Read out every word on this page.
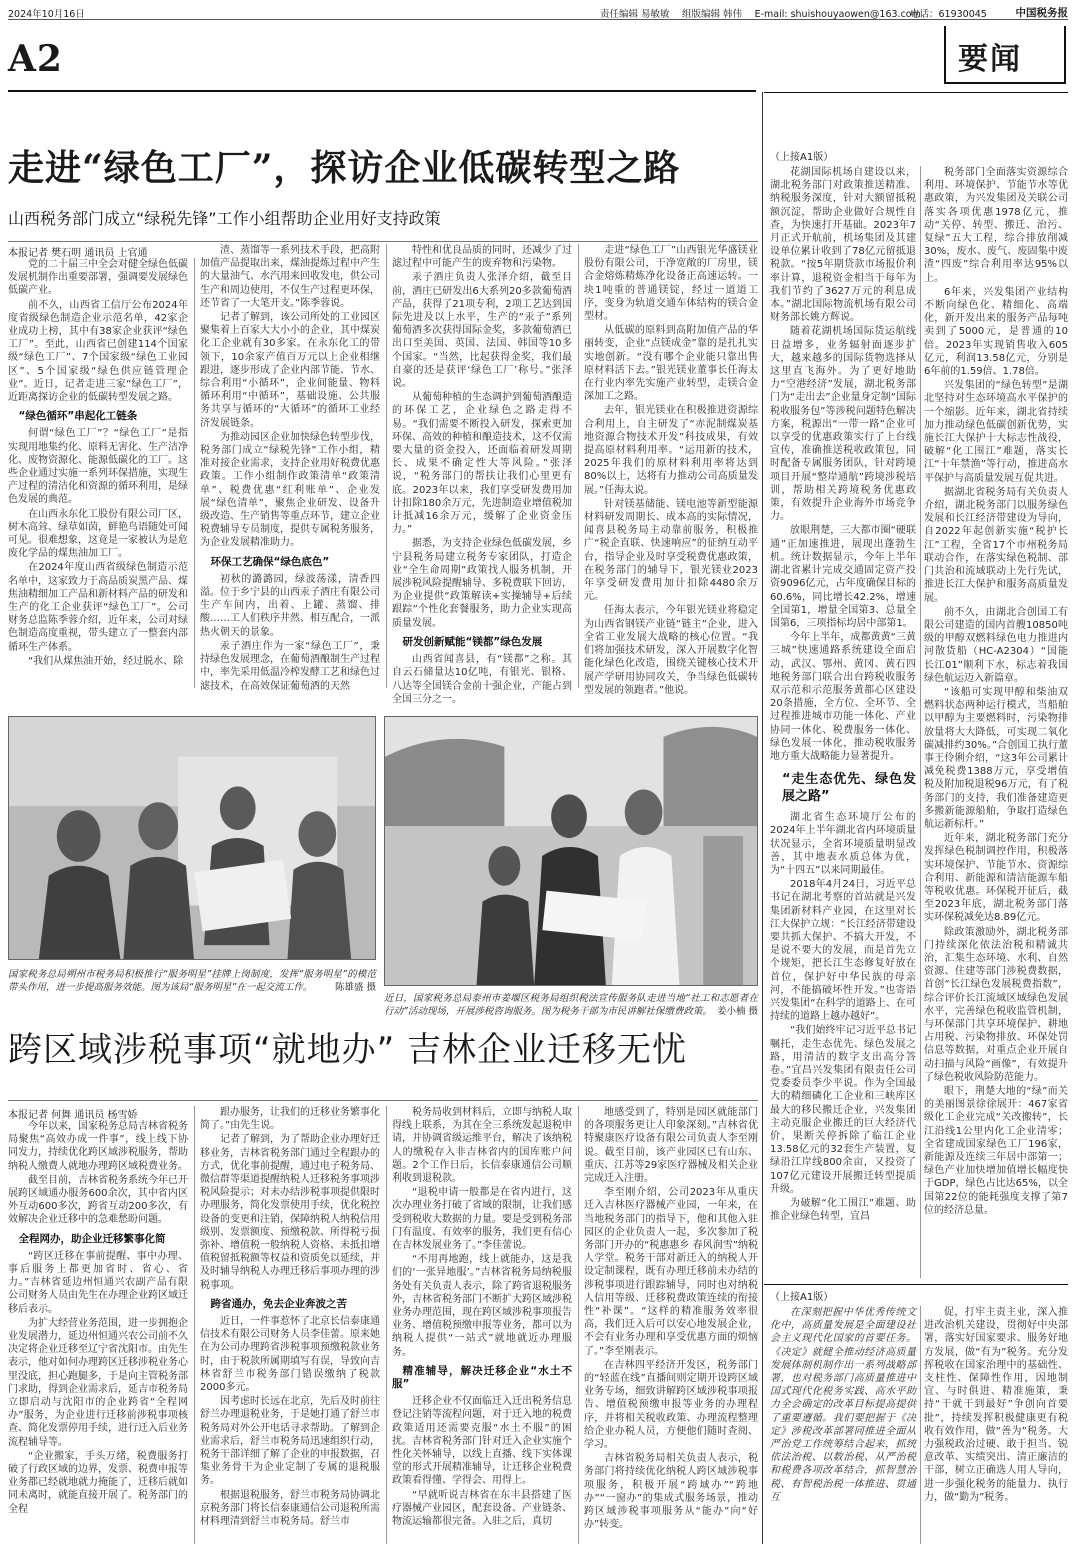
2024年10月16日	责任编辑 易敏敏 　组版编辑 韩伟 　E-mail: shuishouyaowen@163.com
电话：61930045	中国税务报
A2	要闻
走进“绿色工厂”，探访企业低碳转型之路
山西税务部门成立“绿税先锋”工作小组帮助企业用好支持政策
本报记者 樊石明 通讯员 上官通

党的二十届三中全会对健全绿色低碳发展机制作出重要部署，强调要发展绿色低碳产业。

前不久，山西省工信厅公布2024年度省级绿色制造企业示范名单，42家企业成功上榜，其中有38家企业获评“绿色工厂”。至此，山西省已创建114个国家级“绿色工厂”、7个国家级“绿色工业园区”、5个国家级“绿色供应链管理企业”。近日，记者走进三家“绿色工厂”，近距离探访企业的低碳转型发展之路。

“绿色循环”串起化工链条

何谓“绿色工厂”？“绿色工厂”是指实现用地集约化、原料无害化、生产洁净化、废物资源化、能源低碳化的工厂。这些企业通过实施一系列环保措施，实现生产过程的清洁化和资源的循环利用，是绿色发展的典范。

在山西永东化工股份有限公司厂区，树木高耸、绿草如茵，鲜艳鸟语随处可闻可见。很难想象，这竟是一家被认为是危废化学品的煤焦油加工厂。

在2024年度山西省级绿色制造示范名单中，这家致力于高品质炭黑产品、煤焦油精细加工产品和新材料产品的研发和生产的化工企业获评“绿色工厂”。公司财务总监陈季蓉介绍，近年来，公司对绿色制造高度重视，带头建立了一整套内部循环生产体系。

“我们从煤焦油开始，经过脱水、除

渣、蒸馏等一系列技术手段，把高附加值产品提取出来，煤油提炼过程中产生的大量油气、水汽用来回收发电，供公司生产和周边使用，不仅生产过程更环保，还节省了一大笔开支。”陈季蓉说。

记者了解到，该公司所处的工业园区聚集着上百家大大小小的企业，其中煤炭化工企业就有30多家。在永东化工的带领下，10余家产值百万元以上企业相继跟进，逐步形成了企业内部节能、节水、综合利用“小循环”，企业间能量、物料循环利用“中循环”，基础设施、公共服务共享与循环的“大循环”的循环工业经济发展链条。

为推动园区企业加快绿色转型步伐，税务部门成立“绿税先锋”工作小组，精准对接企业需求，支持企业用好税费优惠政策。工作小组制作政策清单“政策清单”、税费优惠“红利账单”、企业发展“绿色清单”，聚焦企业研发、设备升级改造、生产销售等重点环节，建立企业税费辅导专员制度，提供专属税务服务，为企业发展精准助力。

环保工艺确保“绿色底色”

初秋的潞潞园，绿波荡漾，清香四溢。位于乡宁县的山西汞子酒庄有限公司生产车间内，出着、上罐、蒸馏、排酸……工人们秩序井然、相互配合，一派热火朝天的景象。

汞子酒庄作为一家“绿色工厂”，秉持绿色发展理念，在葡萄酒酿制生产过程中，率先采用低温冷榨发酵工艺和绿色过滤技术，在高效保证葡萄酒的天然

特性和优良品质的同时，还减少了过滤过程中可能产生的废弃物和污染物。

汞子酒庄负责人张泽介绍，截至目前，酒庄已研发出6大系列20多款葡萄酒产品，获得了21项专利，2项工艺达到国际先进及以上水平，生产的“汞子”系列葡萄酒多次获得国际金奖，多款葡萄酒已出口至美国、英国、法国、韩国等10多个国家。“当然，比起获得金奖，我们最自豪的还是获评‘绿色工厂’称号。”张泽说。

从葡萄种植的生态调护到葡萄酒酿造的环保工艺，企业绿色之路走得不易。“我们需要不断投入研发，探索更加环保、高效的种植和酿造技术，这不仅需要大量的资金投入，还面临着研发周期长、成果不确定性大等风险。”张泽说，“税务部门的帮扶让我们心里更有底。2023年以来，我们享受研发费用加计扣除180余万元，先进制造业增值税加计抵减16余万元，缓解了企业资金压力。”

据悉，为支持企业绿色低碳发展，乡宁县税务局建立税务专家团队，打造企业“全生命周期”政策找人服务机制，开展涉税风险提醒辅导、多税费联下回访，为企业提供“政策解读+实操辅导+后续跟踪”个性化套餐服务，助力企业实现高质量发展。

研发创新赋能“镁都”绿色发展

山西省闻喜县，有“镁都”之称。其自云石储量达10亿吨，有银光、银格、八达等全国镁合金前十强企业，产能占到全国三分之一。

走进“绿色工厂”山西银光华盛镁业股份有限公司，干净宽敞的厂房里，镁合金熔炼精炼净化设备正高速运转。一块1吨重的普通镁锭，经过一道道工序，变身为轨道交通车体结构的镁合金型材。

从低碳的原料到高附加值产品的华丽转变，企业“点镁成金”靠的是扎扎实实地创新。“没有哪个企业能只靠出售原材料活下去。”银光镁业董事长任海太在行业内率先实施产业转型，走镁合金深加工之路。

去年，银光镁业在积极推进资源综合利用上，自主研发了“赤泥制煤炭基地资源合物技术开发”科技成果，有效提高原材料利用率。“运用新的技术，2025年我们的原材料利用率将达到80%以上，达将有力推动公司高质量发展。”任海太说。

针对镁基储能、镁电池等新型能源材料研发周期长、成本高的实际情况，闻喜县税务局主动靠前服务，积极推广“税企直联、快速响应”的征纳互动平台，指导企业及时享受税费优惠政策，在税务部门的辅导下，银光镁业2023年享受研发费用加计扣除4480余万元。

任海太表示，今年银光镁业将稳定为山西省钢镁产业链“链主”企业，进入全省工业发展大战略的核心位置。“我们将加强技术研发，深入开展数字化智能化绿色化改造，围绕关键核心技术开展产学研用协同攻关，争当绿色低碳转型发展的领跑者。”他说。

国家税务总局朔州市税务局积极推行“服务明星”挂牌上岗制度，发挥“服务明星”的模范带头作用，进一步提高服务效能。图为该局“服务明星”在一起交流工作。 陈雄盛 摄
近日，国家税务总局泰州市姜堰区税务局组织税法宣传服务队走进当地“社工和志愿者在行动”活动现场，开展涉税咨询服务。图为税务干部为市民讲解社保缴费政策。 姜小楠 摄
跨区域涉税事项“就地办” 吉林企业迁移无忧
本报记者 何舞 通讯员 杨雪娇

今年以来，国家税务总局吉林省税务局聚焦“高效办成一件事”，线上线下协同发力，持续优化跨区域涉税服务，帮助纳税人缴费人就地办理跨区域税费业务。

截至目前，吉林省税务系统今年已开展跨区域通办服务600余次，其中省内区外互动600多次，跨省互动200多次，有效解决企业迁移中的急难愁盼问题。

全程网办，助企业迁移繁事化简

“跨区迁移在事前提醒、事中办理、事后服务上都更加省时、省心、省力。”吉林省延边州恒通兴农副产品有限公司财务人员由先生在办理企业跨区域迁移后表示。

为扩大经营业务范围，进一步拥抱企业发展潜力，延边州恒通兴农公司前不久决定将企业迁移至辽宁省沈阳市。由先生表示，他对如何办理跨区迁移涉税业务心里没底，担心跑腿多，于是向主管税务部门求助，得到企业需求后，延吉市税务局立即启动与沈阳市的企业跨省“全程网办”服务，为企业进行迁移前涉税事项核查、简化发票停用手续，进行迁入后业务流程辅导等。

“企业搬家，手头万绪，税费服务打破了行政区域的边界，发票、税费申报等业务都已经就地就力掩能了，迁移后就如同未离时，就能直接开展了。税务部门的全程

跟办服务，让我们的迁移业务繁事化简了。”由先生说。

记者了解到，为了帮助企业办理好迁移业务，吉林省税务部门通过全程跟办的方式，优化事前提醒，通过电子税务局、微信群等渠道提醒纳税人迁移税务事项涉税风险提示；对未办结涉税事项提供限时办理服务，简化发票使用手续，优化税控设备的变更和注销，保障纳税人纳税信用级别、发票额度、预缴税款、所得税亏损弥补、增值税一般纳税人资格、未抵扣增值税留抵税额等权益和资质免以延续，并及时辅导纳税人办理迁移后事项办理的涉税事项。

跨省通办，免去企业奔波之苦

近日，一件事惹怀了北京长信泰康通信技术有限公司财务人员李佳蕾。原来她在为公司办理跨省涉税事项预缴税款业务时，由于税款所属期填写有误，导致向吉林省舒兰市税务部门错误缴纳了税款2000多元。

因考虑时长远在北京，先后及时前往舒兰办理退税业务，于是她打通了舒兰市税务局对外公开电话寻求帮助。了解到企业需求后，舒兰市税务局迅速组织行动，税务干部详细了解了企业的申报数据，召集业务骨干为企业定制了专属的退税服务。

根据退税服务，舒兰市税务局协调北京税务部门将长信泰康通信公司退税所需材料理清到舒兰市税务局。舒兰市

税务局收到材料后，立即与纳税人取得线上联系，为其在全三系统发起退税申请，并协调省级运维平台，解决了该纳税人的缴税存入非吉林省内的国库账户问题。2个工作日后，长信泰康通信公司顺利收到退税款。

“退税申请一般都是在省内进行，这次办理业务打破了省域的限制，让我们感受到税收大数据的力量。要是受到税务部门有温度、有效率的服务，我们更有信心在吉林发展业务了。”李佳蕾说。

“不用再地跑，线上就能办，这是我们的‘一张异地服’。”吉林省税务局纳税服务处有关负责人表示，除了跨省退税服务外，吉林省税务部门不断扩大跨区域涉税业务办理范围，现在跨区域涉税事项报告业务、增值税预缴申报等业务，都可以为纳税人提供“一站式”就地就近办理服务。

精准辅导，解决迁移企业“水土不服”

迁移企业不仅面临迁入迁出税务信息登记注销等流程问题，对于迁入地的税费政策适用还需要克服“水土不服”的困扰。吉林省税务部门针对迁入企业实施个性化关怀辅导，以线上直播、线下实体课堂的形式开展精准辅导，让迁移企业税费政策看得懂、学得会、用得上。

“早就听说吉林省在东丰县搭建了医疗器械产业园区，配套设备、产业链条、物流运输都很完备。入驻之后，真切

地感受到了，特别是园区就能部门的各项服务更让人印象深刻。”吉林省优特聚康医疗设备有限公司负责人李至刚说。截至目前，该产业园区已有山东、重庆、江苏等29家医疗器械及相关企业完成迁入注册。

李至刚介绍，公司2023年从重庆迁入吉林医疗器械产业园，一年来，在当地税务部门的指导下，他和其他入驻园区的企业负责人一起，多次参加了税务部门开办的“税惠惠乡 春风润雪”纳税人学堂。税务干部对新迁入的纳税人开设定制课程，既有办理迁移前未办结的涉税事项进行跟踪辅导，同时也对纳税人信用等级、迁移税费政策连续的衔接性“补课”。“这样的精准服务效率很高，我们迁入后可以安心地发展企业，不会有业务办理和享受优惠方面的烦恼了。”李至刚表示。

在吉林四平经济开发区，税务部门的“轻蓝在线”直播间则定期开设跨区域业务专场，细致讲解跨区域涉税事项报告、增值税预缴申报等业务的办理程序，并将相关税收政策、办理流程整理给企业办税人员，方便他们随时查阅、学习。

吉林省税务局相关负责人表示，税务部门将持续优化纳税人跨区域涉税事项服务，积极开展“跨域办”“跨地办”“一窗办”的集成式服务场景，推动跨区域涉税事项服务从“能办”向“好办”转变。

（上接A1版）

花湖国际机场自建设以来，湖北税务部门对政策推送精准、纳税服务深度，针对大额留抵税额沉淀，帮助企业做好合规性自查，为快速打开基础。2023年7月正式开航前，机场集团及其建设单位累计收到了78亿元留抵退税款。“按5年期贷款市场报价利率计算，退税资金相当于每年为我们节约了3627万元的利息成本。”湖北国际物流机场有限公司财务部长姚方辉说。

随着花湖机场国际货运航线日益增多，业务辐射面逐步扩大，越来越多的国际货物选择从这里直飞海外。为了更好地助力“空港经济”发展，湖北税务部门为“走出去”企业量身定制“国际税收服务包”等涉税问题特色解决方案，税源出“一带一路”企业可以享受的优惠政策实行了上台线宣传，准确推送税收政策包，同时配备专属服务团队，针对跨境项目开展“整岸通航”跨境涉税培训，帮助相关跨境税务优惠政策，有效提升企业海外市场竞争力。

放眼荆楚，三大都市圈“硬联通”正加速推进，展现出蓬勃生机。统计数据显示，今年上半年湖北省累计完成交通固定资产投资9096亿元，占年度确保目标的60.6%，同比增长42.2%，增速全国第1，增量全国第3、总量全国第6，三项指标均居中部第1。

今年上半年，成都黄黄“三黄三城”快速通路系统建设全面启动，武汉、鄂州、黄冈、黄石四地税务部门联合出台跨税收服务双示范和示范服务黄都心区建设20条措施，全方位、全环节、全过程推进城市功能一体化、产业协同一体化、税费服务一体化、绿色发展一体化，推动税收服务地方重大战略能力显著提升。

“走生态优先、绿色发展之路”

湖北省生态环境厅公布的2024年上半年湖北省内环境质量状况显示，全省环境质量明显改善，其中地表水质总体为优，为“十四五”以来同期最佳。

2018年4月24日，习近平总书记在湖北考察的首站就是兴发集团新材料产业园，在这里对长江大保护立规：“长江经济带建设要共抓大保护、不搞大开发，不是说不要大的发展，而是首先立个规矩，把长江生态修复好放在首位，保护好中华民族的母亲河，不能搞破坏性开发。”也寄语兴发集团“在科学的道路上、在可持续的道路上越办越好”。

“我们始终牢记习近平总书记嘱托，走生态优先、绿色发展之路，用清洁的数字支出高分答卷。”宜昌兴发集团有限责任公司党委委员李少平说。作为全国最大的精细磷化工企业和三峡库区最大的移民搬迁企业，兴发集团主动克服企业搬迁的巨大经济代价，果断关停拆除了临江企业13.58亿元的32套生产装置，复绿沿江岸线800余亩，又投资了107亿元建设开展搬迁转型提质升级。

为破解“化工围江”难题、助推企业绿色转型，宜昌

税务部门全面落实资源综合利用、环境保护、节能节水等优惠政策，为兴发集团及关联公司落实各项优惠1978亿元，推动“关停、转型、搬迁、治污、复绿”五大工程，综合排放削减30%，废水、废气、废固集中废渣“四废”综合利用率达95%以上。

6年来，兴发集团产业结构不断向绿色化、精细化、高端化，新开发出来的服务产品每吨卖到了5000元，是普通的10倍。2023年实现销售收入605亿元，利润13.58亿元，分别是6年前的1.59倍、1.78倍。

兴发集团的“绿色转型”是湖北坚持对生态环境高水平保护的一个缩影。近年来，湖北省持续加力推动绿色低碳创新优势，实施长江大保护十大标志性战役，破解“化工围江”难题，落实长江“十年禁渔”等行动，推进高水平保护与高质量发展互促共进。

据湖北省税务局有关负责人介绍，湖北税务部门以服务绿色发展和长江经济带建设为导向，自2022年起创新实施“税护长江”工程，全省17个市州税务局联动合作，在落实绿色税制、部门共治和流域联动上先行先试，推进长江大保护和服务高质量发展。

前不久，由湖北合创国工有限公司建造的国内首艘10850吨级的甲醇双燃料绿色电力推进内河散货船（HC-A2304）“国能长江01”顺利下水，标志着我国绿色航运迈入新篇章。

“该船可实现甲醇和柴油双燃料状态两种运行模式，当船舶以甲醇为主要燃料时，污染物排放量将大大降低，可实现二氧化碳减排约30%。”合创国工执行董事王伶俐介绍，“这3年公司累计减免税费1388万元，享受增值税及附加税退税96万元，有了税务部门的支持，我们准备建造更多搬新能源船舶，争取打造绿色航运新标杆。”

近年来，湖北税务部门充分发挥绿色税制调控作用，积极落实环境保护、节能节水、资源综合利用、新能源和清洁能源车船等税收优惠。环保税开征后，截至2023年底，湖北税务部门落实环保税减免达8.89亿元。

除政策激励外，湖北税务部门持续深化依法治税和精诚共治，汇集生态环境、水利、自然资源、住建等部门涉税费数据，首创“长江绿色发展税费指数”，综合评价长江流域区域绿色发展水平，完善绿色税收监管机制，与环保部门共享环境保护、耕地占用税、污染物排放、环保处罚信息等数据，对重点企业开展自动扫描与风险“画像”，有效提升了绿色税收风险防范能力。

眼下，荆楚大地的“绿”而关的美丽图景徐徐展开：467家省级化工企业完成“关改搬转”，长江沿线1公里内化工企业清零；全省建成国家绿色工厂196家，新能源及连续三年居中部第一；绿色产业加快增加值增长幅度快于GDP，绿色占比达65%，以全国第22位的能耗强度支撑了第7位的经济总量。

（上接A1版）

在深刻把握中华优秀传统文化中，高质量发展是全面建设社会主义现代化国家的首要任务。《决定》就健全推动经济高质量发展体制机制作出一系列战略部署，也对税务部门高质量推进中国式现代化税务实践、高水平助力全会确定的改革目标提高提供了重要遵循。我们要把握于《决定》涉税改革部署同推进全面从严治党工作统筹结合起来，抓统依法治税、以数治税、从严治税和税费各项改革结合，抓智慧治税、有智税治税一体推进、贯通互

促，打牢主责主业，深入推进改治机关建设，贯彻好中央部署，落实好国家要求、服务好地方发展，做“有为”税务。充分发挥税收在国家治理中的基础性、支柱性、保障性作用，因地制宜、与时俱进、精准施策，秉持“干就干到最好”争创向首要批”，持续发挥积极健康更有税收有效作用，做“善为”税务。大力强税政治过硬、敢于担当、锐意改革、实绩突出、清正廉洁的干部，树立正确选人用人导向，进一步强化税务的能量力、执行力，做“勤为”税务。
